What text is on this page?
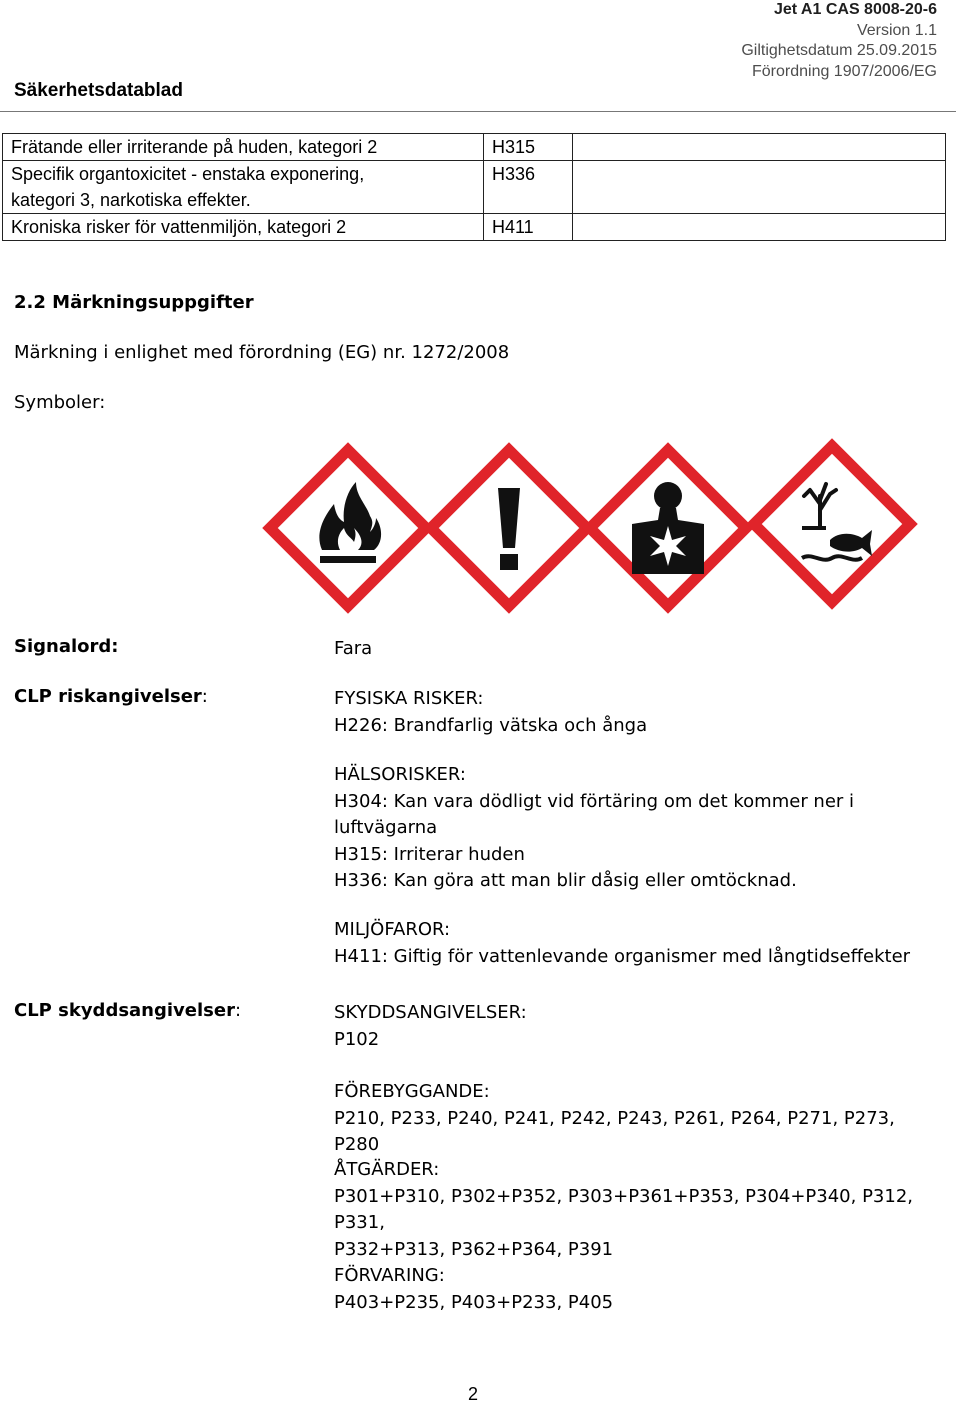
Säkerhetsdatablad
Jet A1 CAS 8008-20-6
Version 1.1
Giltighetsdatum 25.09.2015
Förordning 1907/2006/EG
Frätande eller irriterande på huden, kategori 2	H315	

Specifik organtoxicitet - enstaka exponering,
kategori 3, narkotiska effekter.	H336	
Kroniska risker för vattenmiljön, kategori 2	H411	
2.2 Märkningsuppgifter
Märkning i enlighet med förordning (EG) nr. 1272/2008
Symboler:
Signalord:	Fara
CLP riskangivelser:	FYSISKA RISKER:
H226: Brandfarlig vätska och ånga
HÄLSORISKER:
H304: Kan vara dödligt vid förtäring om det kommer ner i
luftvägarna
H315: Irriterar huden
H336: Kan göra att man blir dåsig eller omtöcknad.
MILJÖFAROR:
H411: Giftig för vattenlevande organismer med långtidseffekter
CLP skyddsangivelser:	SKYDDSANGIVELSER:
P102
FÖREBYGGANDE:
P210, P233, P240, P241, P242, P243, P261, P264, P271, P273, P280
ÅTGÄRDER:
P301+P310, P302+P352, P303+P361+P353, P304+P340, P312, P331,
P332+P313, P362+P364, P391
FÖRVARING:
P403+P235, P403+P233, P405
2
